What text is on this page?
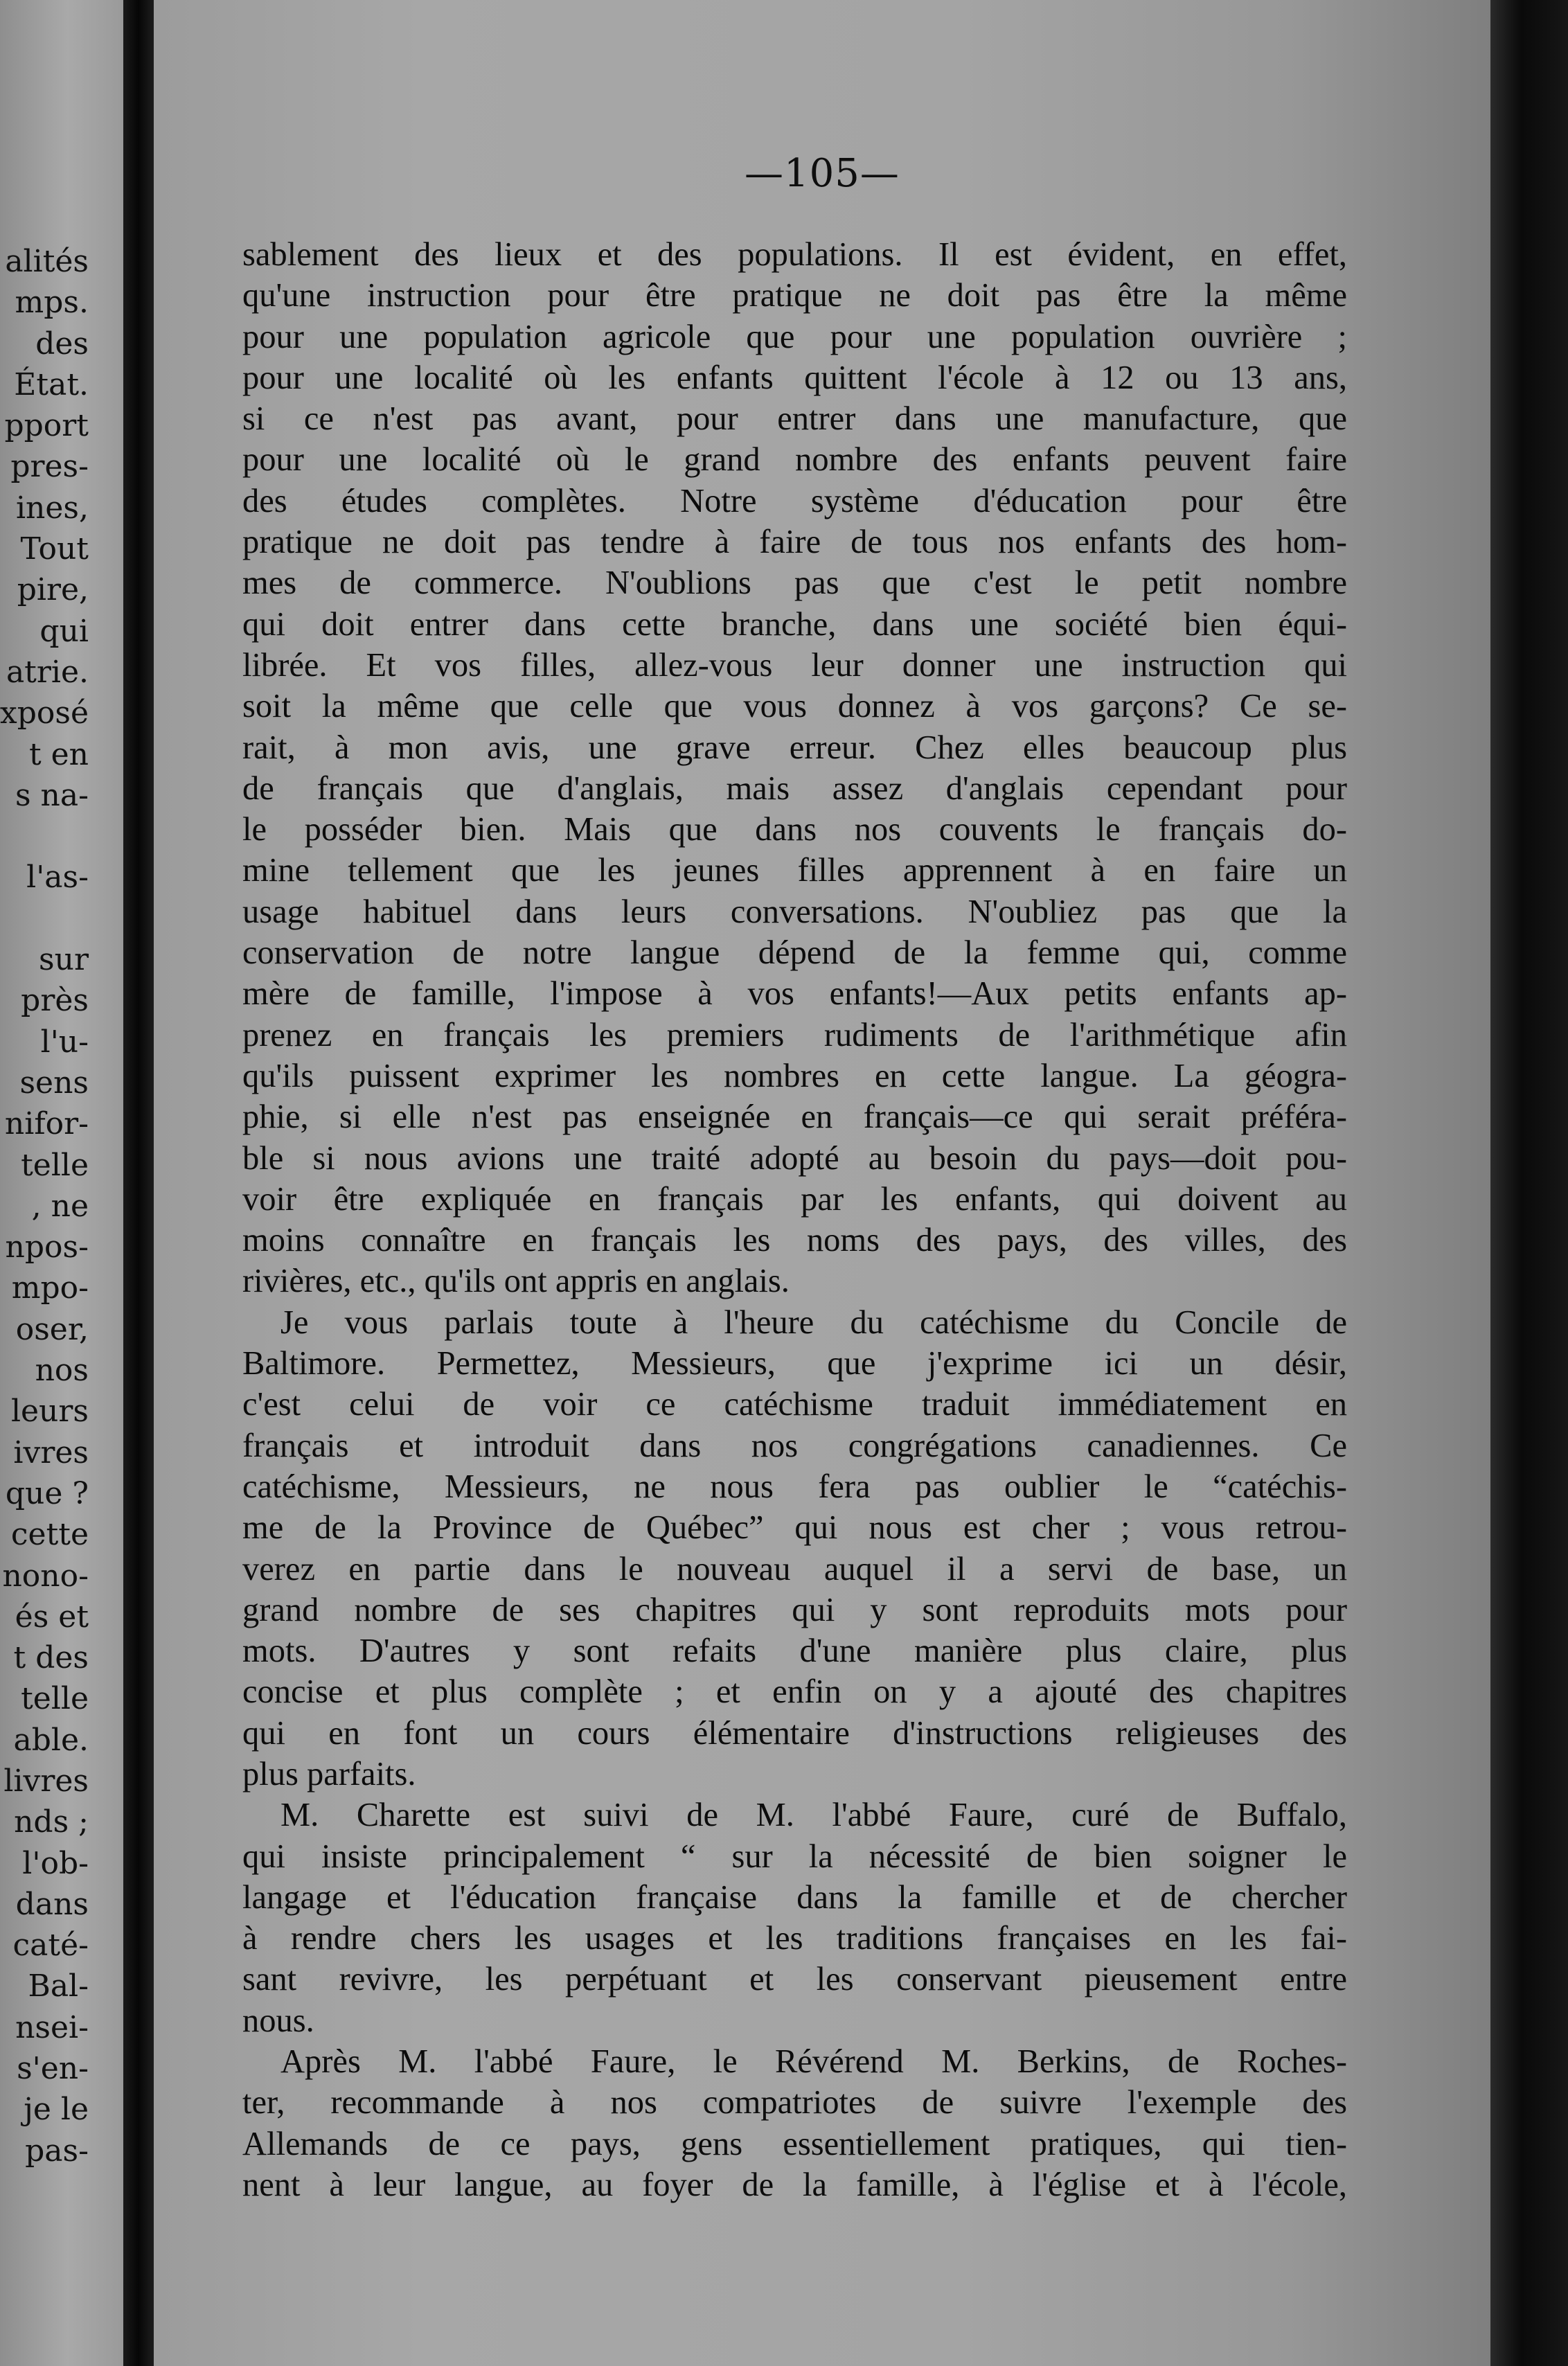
alités
mps.
des
État.
pport
pres-
ines,
Tout
pire,
qui
atrie.
xposé
t en
s na-

l'as-

sur
près
l'u-
sens
nifor-
telle
, ne
npos-
mpo-
oser,
nos
leurs
ivres
que ?
cette
nono-
és et
t des
telle
able.
livres
nds ;
l'ob-
dans
caté-
Bal-
nsei-
s'en-
je le
pas-
—105—
sablement des lieux et des populations. Il est évident, en effet,
qu'une instruction pour être pratique ne doit pas être la même
pour une population agricole que pour une population ouvrière ;
pour une localité où les enfants quittent l'école à 12 ou 13 ans,
si ce n'est pas avant, pour entrer dans une manufacture, que
pour une localité où le grand nombre des enfants peuvent faire
des études complètes. Notre système d'éducation pour être
pratique ne doit pas tendre à faire de tous nos enfants des hom-
mes de commerce. N'oublions pas que c'est le petit nombre
qui doit entrer dans cette branche, dans une société bien équi-
librée. Et vos filles, allez-vous leur donner une instruction qui
soit la même que celle que vous donnez à vos garçons? Ce se-
rait, à mon avis, une grave erreur. Chez elles beaucoup plus
de français que d'anglais, mais assez d'anglais cependant pour
le posséder bien. Mais que dans nos couvents le français do-
mine tellement que les jeunes filles apprennent à en faire un
usage habituel dans leurs conversations. N'oubliez pas que la
conservation de notre langue dépend de la femme qui, comme
mère de famille, l'impose à vos enfants!—Aux petits enfants ap-
prenez en français les premiers rudiments de l'arithmétique afin
qu'ils puissent exprimer les nombres en cette langue. La géogra-
phie, si elle n'est pas enseignée en français—ce qui serait préféra-
ble si nous avions une traité adopté au besoin du pays—doit pou-
voir être expliquée en français par les enfants, qui doivent au
moins connaître en français les noms des pays, des villes, des
rivières, etc., qu'ils ont appris en anglais.
Je vous parlais toute à l'heure du catéchisme du Concile de
Baltimore. Permettez, Messieurs, que j'exprime ici un désir,
c'est celui de voir ce catéchisme traduit immédiatement en
français et introduit dans nos congrégations canadiennes. Ce
catéchisme, Messieurs, ne nous fera pas oublier le “catéchis-
me de la Province de Québec” qui nous est cher ; vous retrou-
verez en partie dans le nouveau auquel il a servi de base, un
grand nombre de ses chapitres qui y sont reproduits mots pour
mots. D'autres y sont refaits d'une manière plus claire, plus
concise et plus complète ; et enfin on y a ajouté des chapitres
qui en font un cours élémentaire d'instructions religieuses des
plus parfaits.
M. Charette est suivi de M. l'abbé Faure, curé de Buffalo,
qui insiste principalement “ sur la nécessité de bien soigner le
langage et l'éducation française dans la famille et de chercher
à rendre chers les usages et les traditions françaises en les fai-
sant revivre, les perpétuant et les conservant pieusement entre
nous.
Après M. l'abbé Faure, le Révérend M. Berkins, de Roches-
ter, recommande à nos compatriotes de suivre l'exemple des
Allemands de ce pays, gens essentiellement pratiques, qui tien-
nent à leur langue, au foyer de la famille, à l'église et à l'école,
